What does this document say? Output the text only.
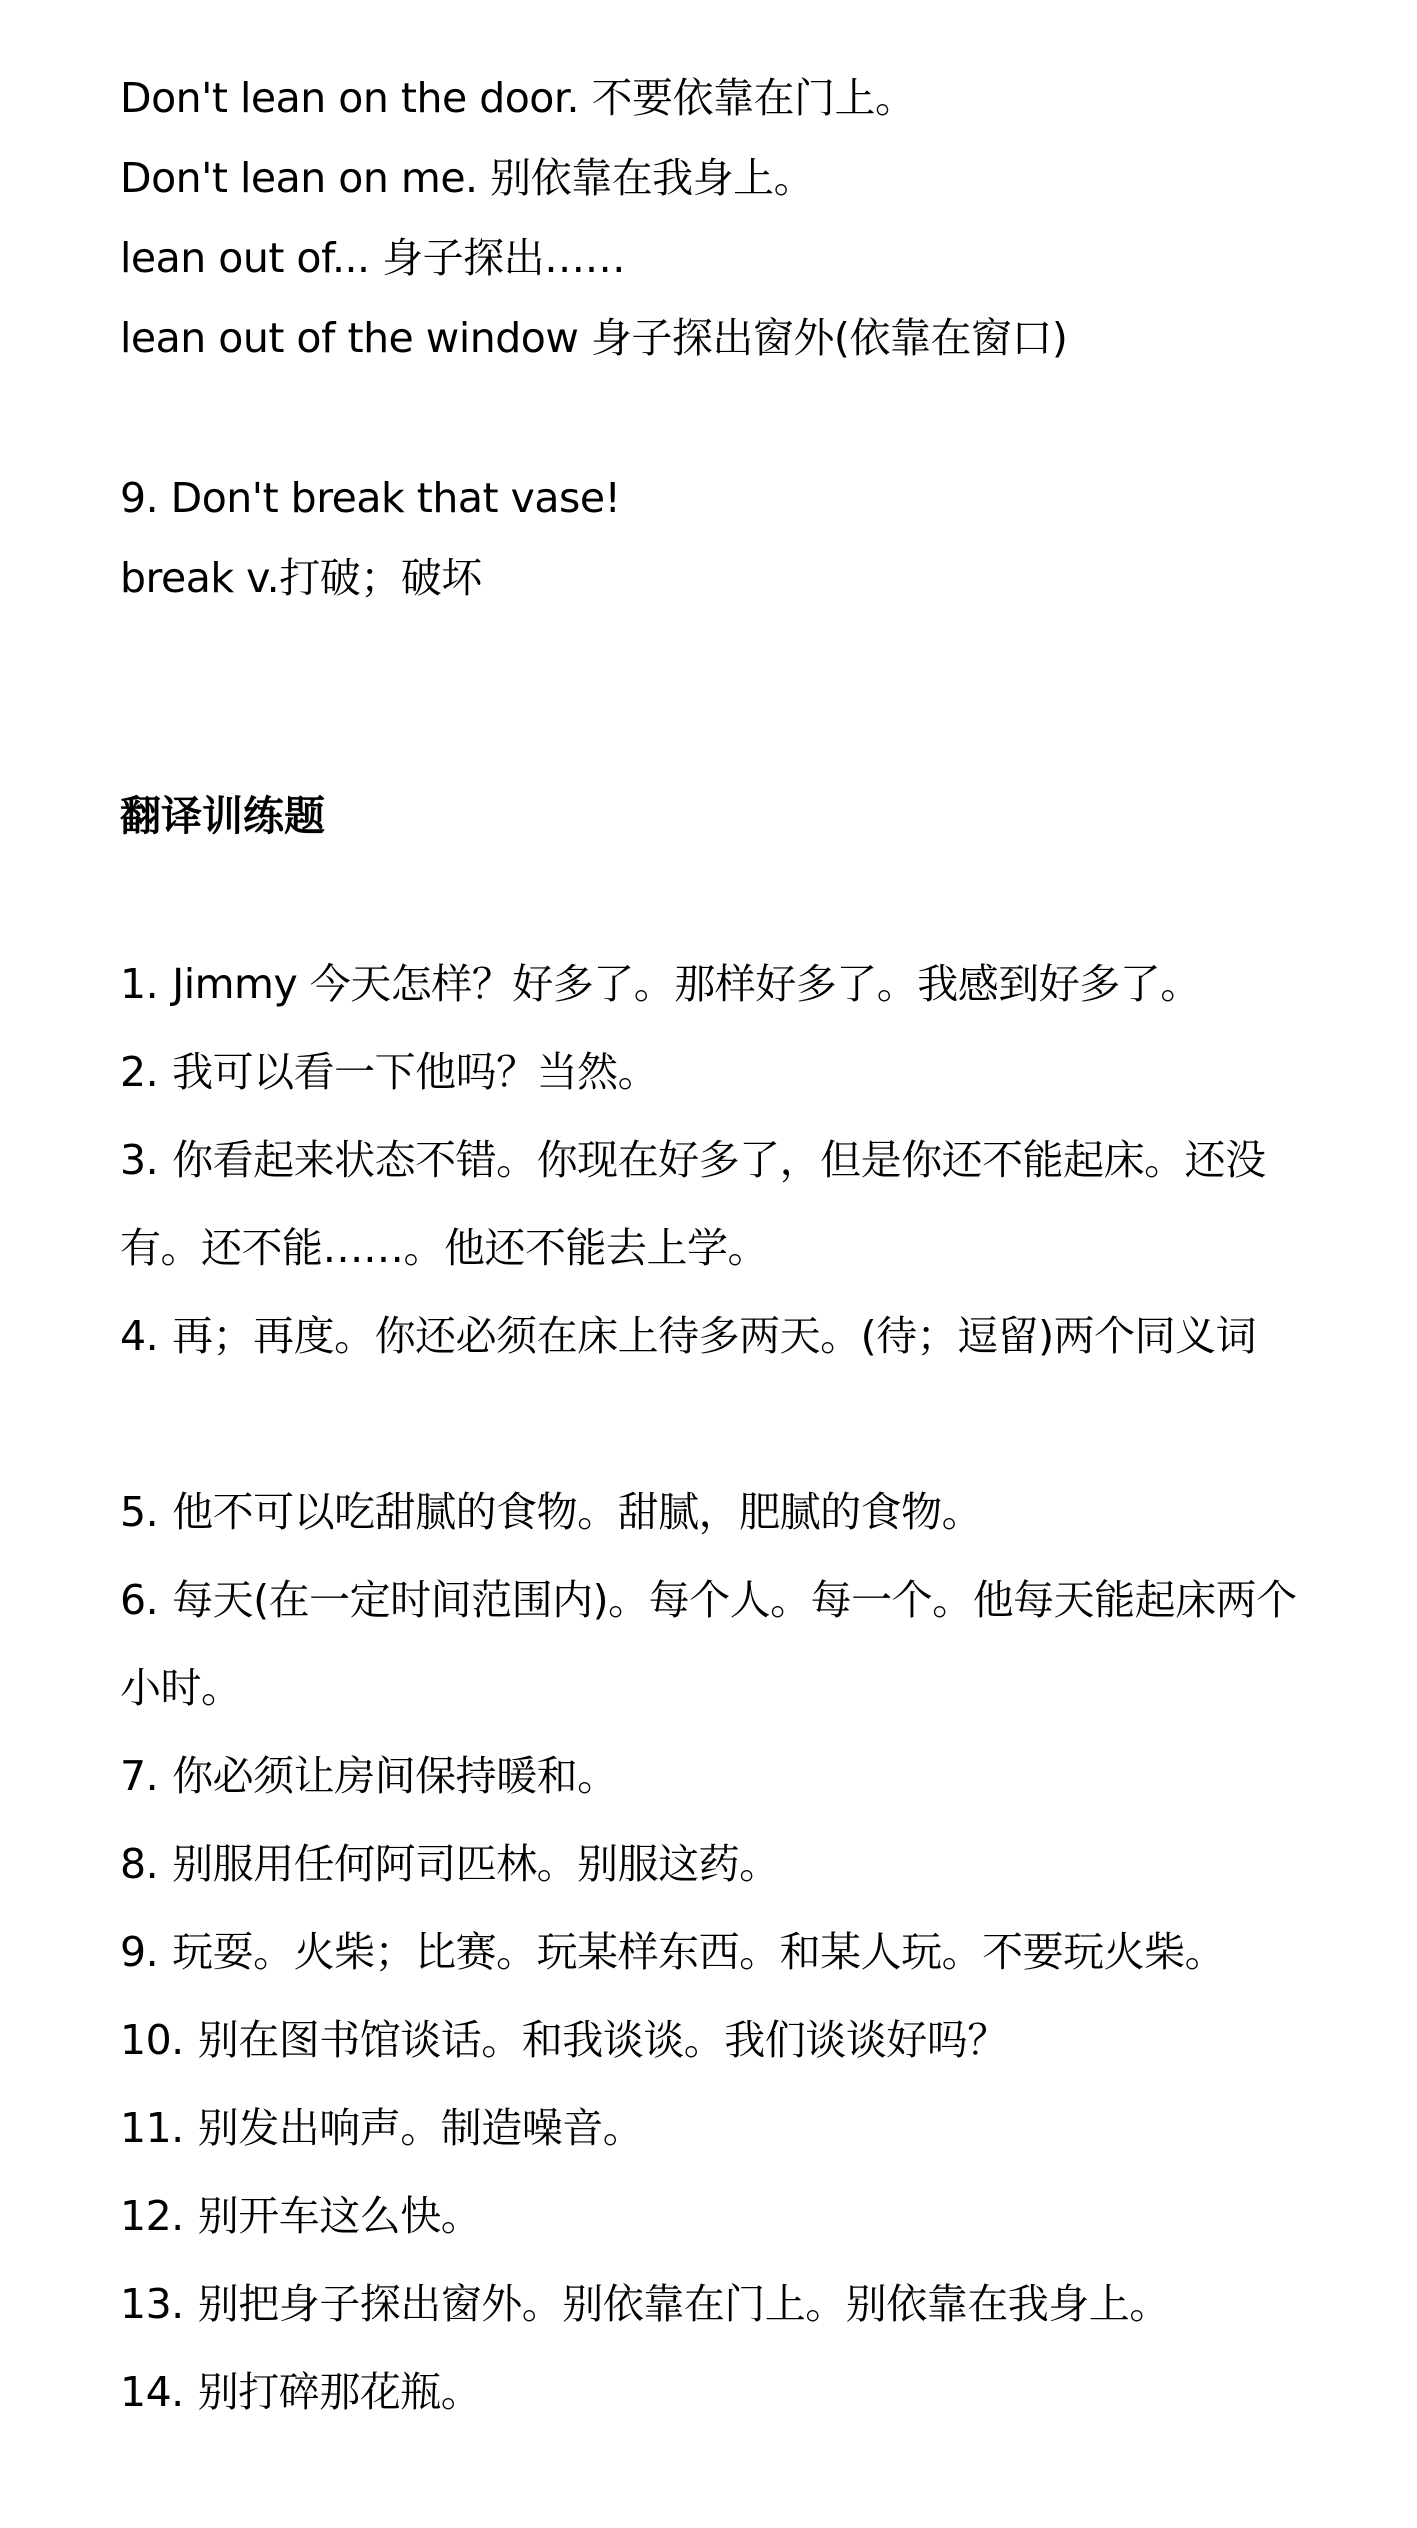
Don't lean on the door. 不要依靠在门上。
Don't lean on me. 别依靠在我身上。
lean out of... 身子探出……
lean out of the window 身子探出窗外(依靠在窗口)
9. Don't break that vase!
break v.打破；破坏
翻译训练题
1. Jimmy 今天怎样？好多了。那样好多了。我感到好多了。
2. 我可以看一下他吗？当然。
3. 你看起来状态不错。你现在好多了，但是你还不能起床。还没有。还不能……。他还不能去上学。
4. 再；再度。你还必须在床上待多两天。(待；逗留)两个同义词
5. 他不可以吃甜腻的食物。甜腻，肥腻的食物。
6. 每天(在一定时间范围内)。每个人。每一个。他每天能起床两个小时。
7. 你必须让房间保持暖和。
8. 别服用任何阿司匹林。别服这药。
9. 玩耍。火柴；比赛。玩某样东西。和某人玩。不要玩火柴。
10. 别在图书馆谈话。和我谈谈。我们谈谈好吗？
11. 别发出响声。制造噪音。
12. 别开车这么快。
13. 别把身子探出窗外。别依靠在门上。别依靠在我身上。
14. 别打碎那花瓶。
